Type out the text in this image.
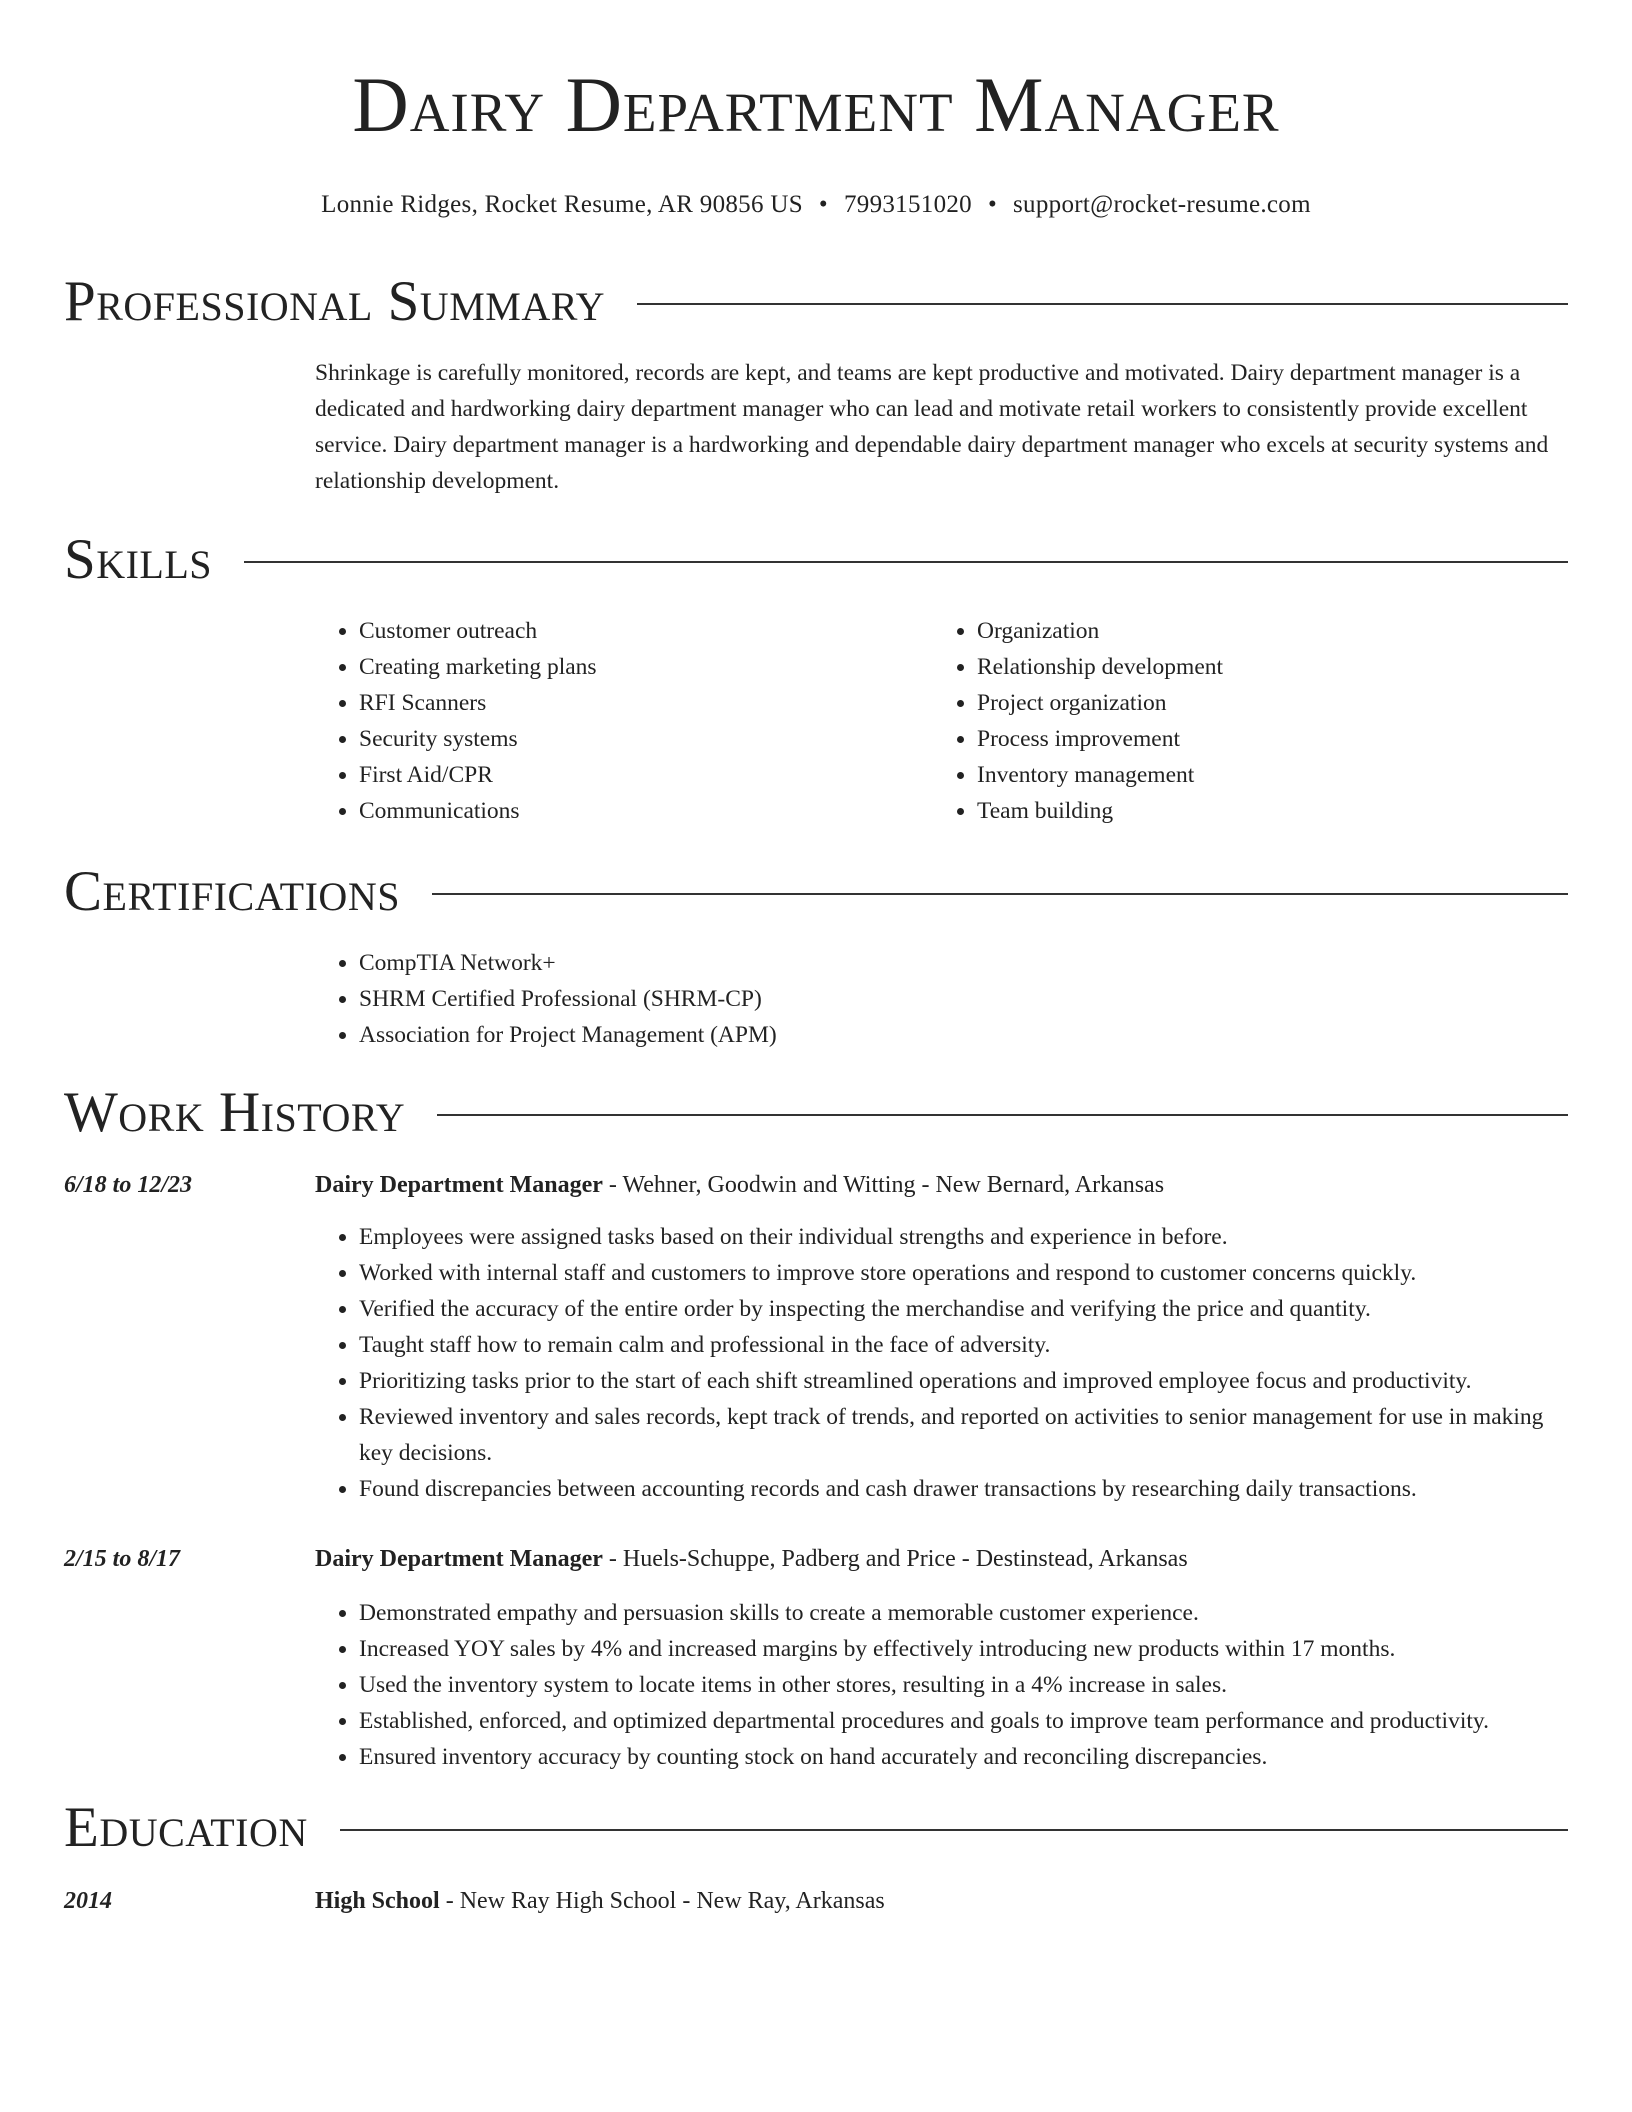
Dairy Department Manager
Lonnie Ridges, Rocket Resume, AR 90856 US • 7993151020 • support@rocket-resume.com
Professional Summary
Shrinkage is carefully monitored, records are kept, and teams are kept productive and motivated. Dairy department manager is a dedicated and hardworking dairy department manager who can lead and motivate retail workers to consistently provide excellent service. Dairy department manager is a hardworking and dependable dairy department manager who excels at security systems and relationship development.
Skills
• Customer outreach
• Creating marketing plans
• RFI Scanners
• Security systems
• First Aid/CPR
• Communications
• Organization
• Relationship development
• Project organization
• Process improvement
• Inventory management
• Team building
Certifications
• CompTIA Network+
• SHRM Certified Professional (SHRM-CP)
• Association for Project Management (APM)
Work History
6/18 to 12/23	Dairy Department Manager - Wehner, Goodwin and Witting - New Bernard, Arkansas
• Employees were assigned tasks based on their individual strengths and experience in before.
• Worked with internal staff and customers to improve store operations and respond to customer concerns quickly.
• Verified the accuracy of the entire order by inspecting the merchandise and verifying the price and quantity.
• Taught staff how to remain calm and professional in the face of adversity.
• Prioritizing tasks prior to the start of each shift streamlined operations and improved employee focus and productivity.
• Reviewed inventory and sales records, kept track of trends, and reported on activities to senior management for use in making key decisions.
• Found discrepancies between accounting records and cash drawer transactions by researching daily transactions.
2/15 to 8/17	Dairy Department Manager - Huels-Schuppe, Padberg and Price - Destinstead, Arkansas
• Demonstrated empathy and persuasion skills to create a memorable customer experience.
• Increased YOY sales by 4% and increased margins by effectively introducing new products within 17 months.
• Used the inventory system to locate items in other stores, resulting in a 4% increase in sales.
• Established, enforced, and optimized departmental procedures and goals to improve team performance and productivity.
• Ensured inventory accuracy by counting stock on hand accurately and reconciling discrepancies.
Education
2014	High School - New Ray High School - New Ray, Arkansas
